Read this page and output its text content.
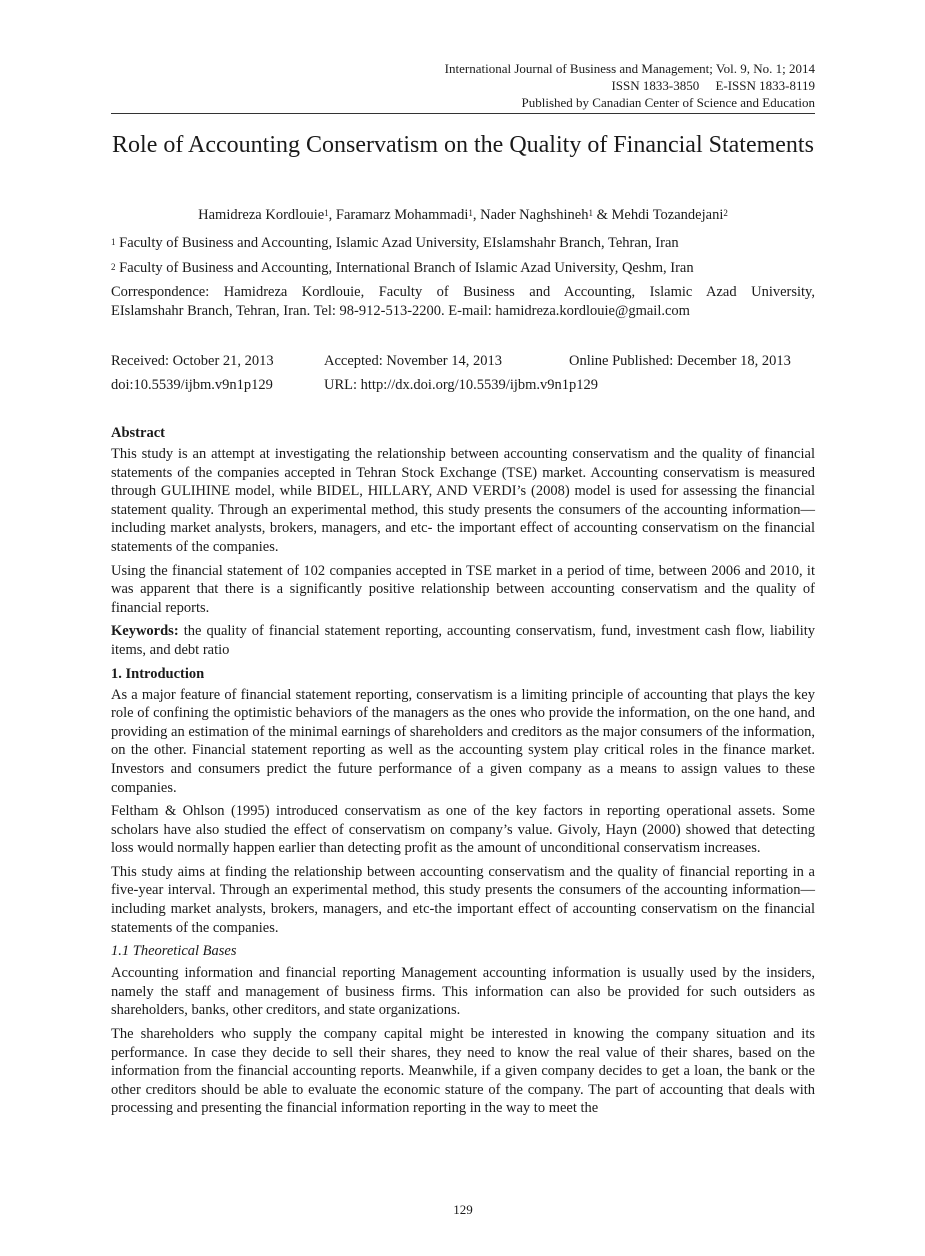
International Journal of Business and Management; Vol. 9, No. 1; 2014
ISSN 1833-3850     E-ISSN 1833-8119
Published by Canadian Center of Science and Education
Role of Accounting Conservatism on the Quality of Financial Statements
Hamidreza Kordlouie$^1$, Faramarz Mohammadi$^1$, Nader Naghshineh$^1$ & Mehdi Tozandejani$^2$
$^1$ Faculty of Business and Accounting, Islamic Azad University, EIslamshahr Branch, Tehran, Iran
$^2$ Faculty of Business and Accounting, International Branch of Islamic Azad University, Qeshm, Iran
Correspondence: Hamidreza Kordlouie, Faculty of Business and Accounting, Islamic Azad University,
EIslamshahr Branch, Tehran, Iran. Tel: 98-912-513-2200. E-mail: hamidreza.kordlouie@gmail.com
Received: October 21, 2013	Accepted: November 14, 2013	Online Published: December 18, 2013
doi:10.5539/ijbm.v9n1p129	URL: http://dx.doi.org/10.5539/ijbm.v9n1p129
Abstract

This study is an attempt at investigating the relationship between accounting conservatism and the quality of financial statements of the companies accepted in Tehran Stock Exchange (TSE) market. Accounting conservatism is measured through GULIHINE model, while BIDEL, HILLARY, AND VERDI’s (2008) model is used for assessing the financial statement quality. Through an experimental method, this study presents the consumers of the accounting information—including market analysts, brokers, managers, and etc- the important effect of accounting conservatism on the financial statements of the companies.

Using the financial statement of 102 companies accepted in TSE market in a period of time, between 2006 and 2010, it was apparent that there is a significantly positive relationship between accounting conservatism and the quality of financial reports.

Keywords: the quality of financial statement reporting, accounting conservatism, fund, investment cash flow, liability items, and debt ratio

1. Introduction

As a major feature of financial statement reporting, conservatism is a limiting principle of accounting that plays the key role of confining the optimistic behaviors of the managers as the ones who provide the information, on the one hand, and providing an estimation of the minimal earnings of shareholders and creditors as the major consumers of the information, on the other. Financial statement reporting as well as the accounting system play critical roles in the finance market. Investors and consumers predict the future performance of a given company as a means to assign values to these companies.

Feltham & Ohlson (1995) introduced conservatism as one of the key factors in reporting operational assets. Some scholars have also studied the effect of conservatism on company’s value. Givoly, Hayn (2000) showed that detecting loss would normally happen earlier than detecting profit as the amount of unconditional conservatism increases.

This study aims at finding the relationship between accounting conservatism and the quality of financial reporting in a five-year interval. Through an experimental method, this study presents the consumers of the accounting information—including market analysts, brokers, managers, and etc-the important effect of accounting conservatism on the financial statements of the companies.

1.1 Theoretical Bases

Accounting information and financial reporting Management accounting information is usually used by the insiders, namely the staff and management of business firms. This information can also be provided for such outsiders as shareholders, banks, other creditors, and state organizations.

The shareholders who supply the company capital might be interested in knowing the company situation and its performance. In case they decide to sell their shares, they need to know the real value of their shares, based on the information from the financial accounting reports. Meanwhile, if a given company decides to get a loan, the bank or the other creditors should be able to evaluate the economic stature of the company. The part of accounting that deals with processing and presenting the financial information reporting in the way to meet the

129
